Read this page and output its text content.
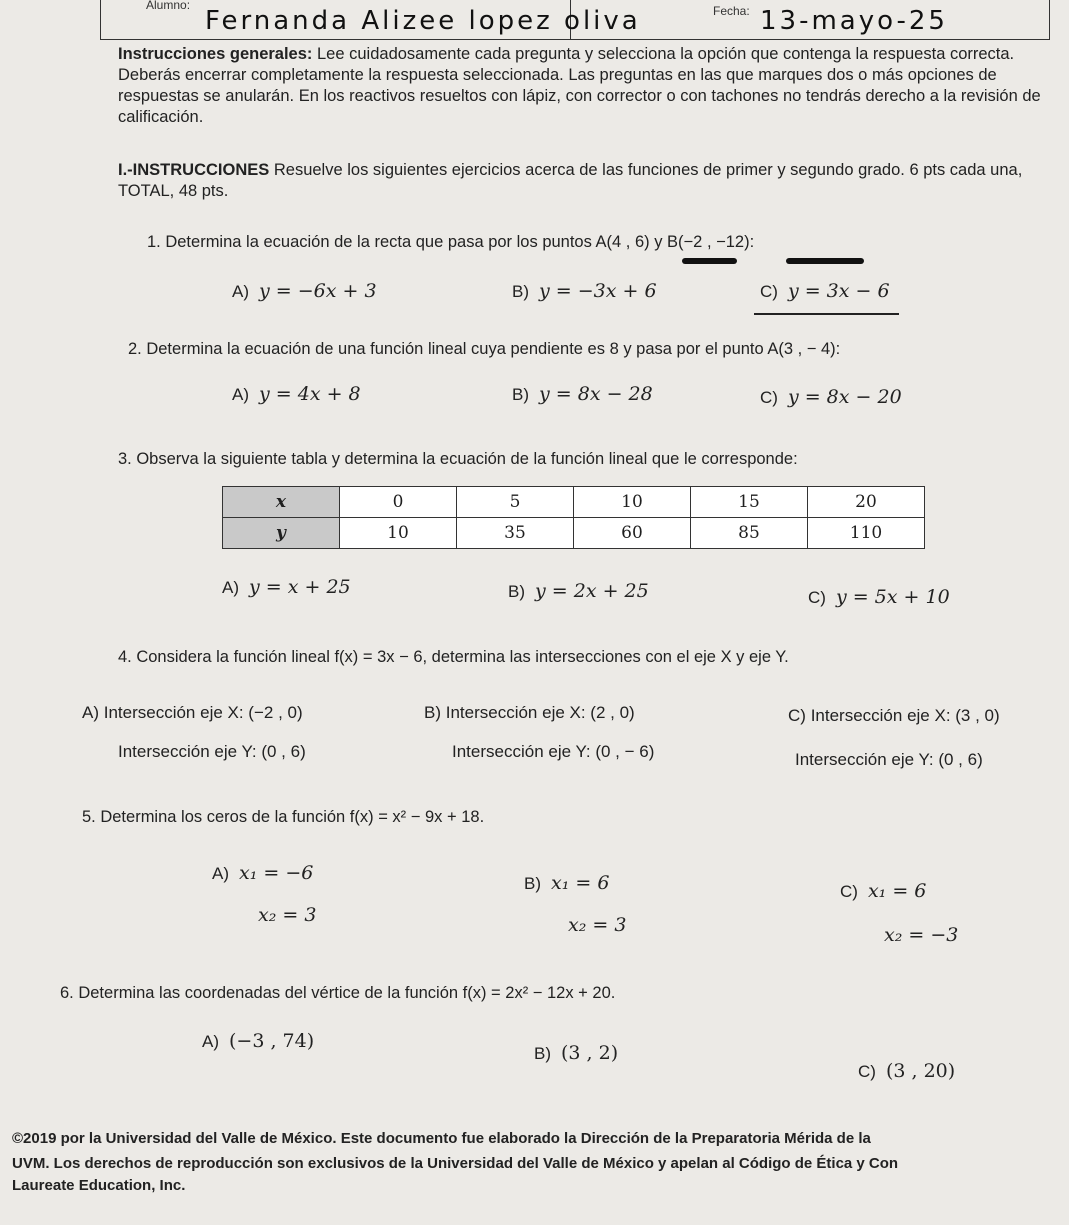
Alumno:
Fernanda Alizee lopez oliva	Fecha: 13-mayo-25
Instrucciones generales: Lee cuidadosamente cada pregunta y selecciona la opción que contenga la respuesta correcta. Deberás encerrar completamente la respuesta seleccionada. Las preguntas en las que marques dos o más opciones de respuestas se anularán. En los reactivos resueltos con lápiz, con corrector o con tachones no tendrás derecho a la revisión de calificación.
I.-INSTRUCCIONES Resuelve los siguientes ejercicios acerca de las funciones de primer y segundo grado. 6 pts cada una, TOTAL, 48 pts.
1. Determina la ecuación de la recta que pasa por los puntos A(4 , 6) y B(−2 , −12):
A) y = −6x + 3	B) y = −3x + 6	C) y = 3x − 6
2. Determina la ecuación de una función lineal cuya pendiente es 8 y pasa por el punto A(3 , − 4):
A) y = 4x + 8	B) y = 8x − 28	C) y = 8x − 20
3. Observa la siguiente tabla y determina la ecuación de la función lineal que le corresponde:
x	0	5	10	15	20
y	10	35	60	85	110
A) y = x + 25	B) y = 2x + 25	C) y = 5x + 10
4. Considera la función lineal f(x) = 3x − 6, determina las intersecciones con el eje X y eje Y.
A) Intersección eje X: (−2 , 0)
Intersección eje Y: (0 , 6)
B) Intersección eje X: (2 , 0)
Intersección eje Y: (0 , − 6)
C) Intersección eje X: (3 , 0)
Intersección eje Y: (0 , 6)
5. Determina los ceros de la función f(x) = x² − 9x + 18.
A) x₁ = −6
x₂ = 3
B) x₁ = 6
x₂ = 3
C) x₁ = 6
x₂ = −3
6. Determina las coordenadas del vértice de la función f(x) = 2x² − 12x + 20.
A) (−3 , 74)
B) (3 , 2)
C) (3 , 20)
©2019 por la Universidad del Valle de México. Este documento fue elaborado la Dirección de la Preparatoria Mérida de la
UVM. Los derechos de reproducción son exclusivos de la Universidad del Valle de México y apelan al Código de Ética y Con
Laureate Education, Inc.
